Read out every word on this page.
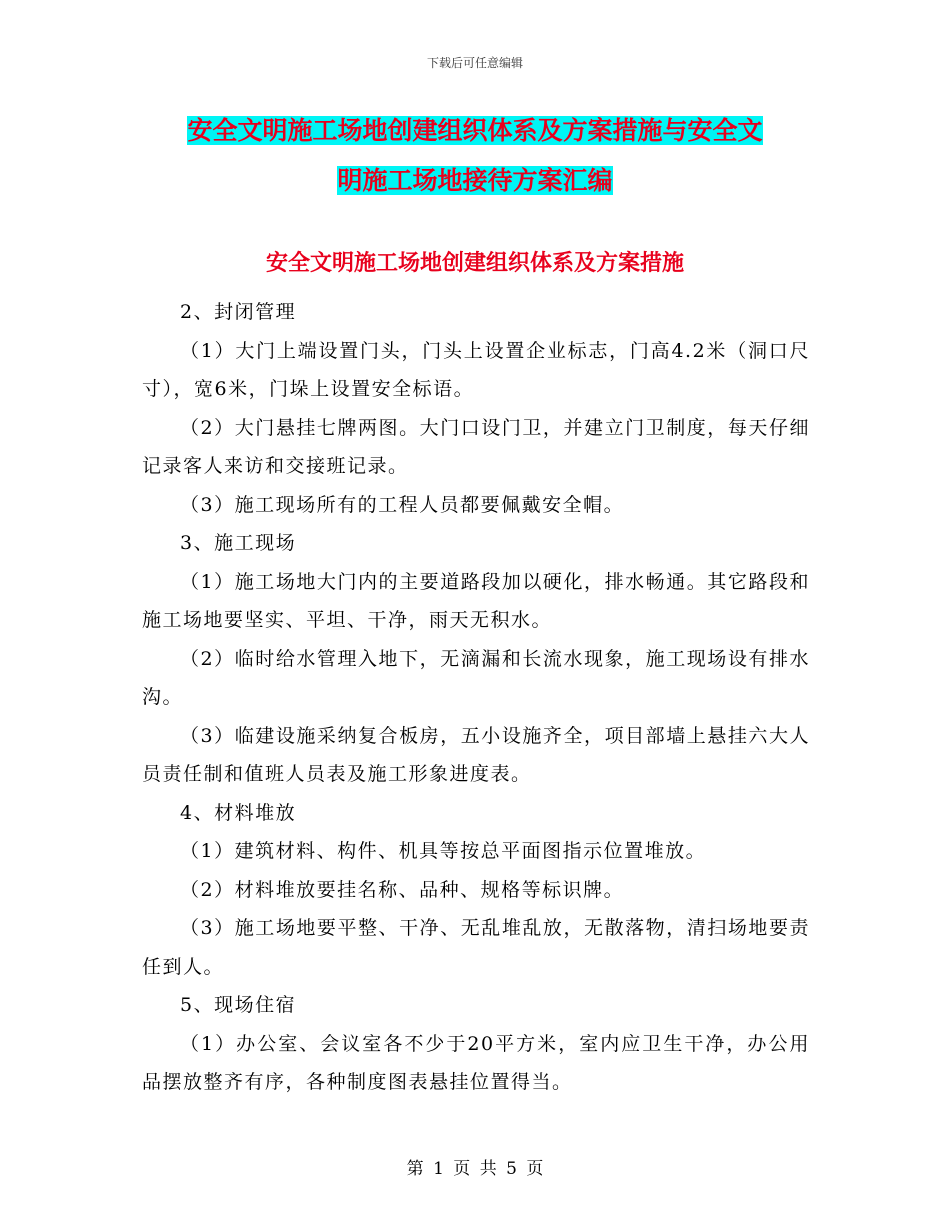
下载后可任意编辑
安全文明施工场地创建组织体系及方案措施与安全文
明施工场地接待方案汇编
安全文明施工场地创建组织体系及方案措施

2、封闭管理

（1）大门上端设置门头，门头上设置企业标志，门高4.2米（洞口尺寸），宽6米，门垛上设置安全标语。

（2）大门悬挂七牌两图。大门口设门卫，并建立门卫制度，每天仔细记录客人来访和交接班记录。

（3）施工现场所有的工程人员都要佩戴安全帽。

3、施工现场

（1）施工场地大门内的主要道路段加以硬化，排水畅通。其它路段和施工场地要坚实、平坦、干净，雨天无积水。

（2）临时给水管理入地下，无滴漏和长流水现象，施工现场设有排水沟。

（3）临建设施采纳复合板房，五小设施齐全，项目部墙上悬挂六大人员责任制和值班人员表及施工形象进度表。

4、材料堆放

（1）建筑材料、构件、机具等按总平面图指示位置堆放。

（2）材料堆放要挂名称、品种、规格等标识牌。

（3）施工场地要平整、干净、无乱堆乱放，无散落物，清扫场地要责任到人。

5、现场住宿

（1）办公室、会议室各不少于20平方米，室内应卫生干净，办公用品摆放整齐有序，各种制度图表悬挂位置得当。

第 1 页 共 5 页
